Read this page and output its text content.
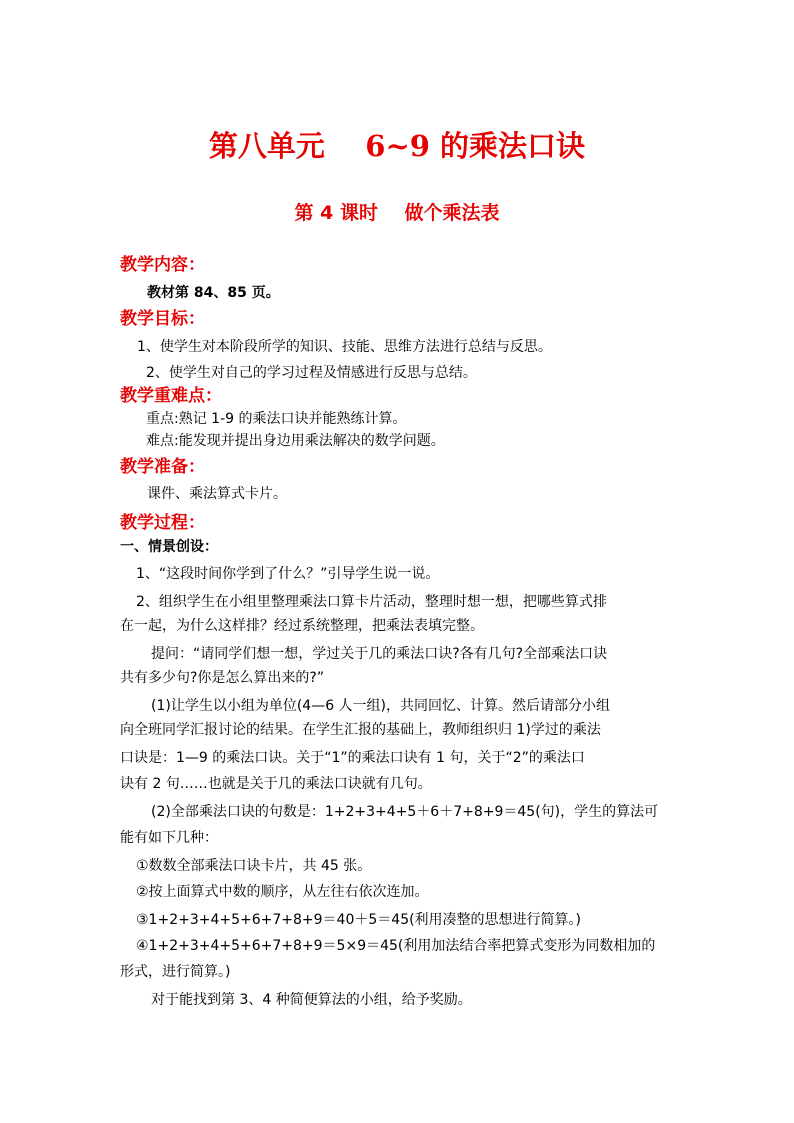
第八单元    6~9 的乘法口诀
第 4 课时    做个乘法表
教学内容：
教材第 84、85 页。
教学目标：
1、使学生对本阶段所学的知识、技能、思维方法进行总结与反思。
2、使学生对自己的学习过程及情感进行反思与总结。
教学重难点：
重点:熟记 1-9 的乘法口诀并能熟练计算。
难点:能发现并提出身边用乘法解决的数学问题。
教学准备：
课件、乘法算式卡片。
教学过程：
一、情景创设：
1、“这段时间你学到了什么？”引导学生说一说。
2、组织学生在小组里整理乘法口算卡片活动，整理时想一想，把哪些算式排
在一起，为什么这样排？经过系统整理，把乘法表填完整。
提问：“请同学们想一想，学过关于几的乘法口诀?各有几句?全部乘法口诀
共有多少句?你是怎么算出来的?”
(1)让学生以小组为单位(4—6 人一组)，共同回忆、计算。然后请部分小组
向全班同学汇报讨论的结果。在学生汇报的基础上，教师组织归 1)学过的乘法
口诀是：1—9 的乘法口诀。关于“1”的乘法口诀有 1 句，关于“2”的乘法口
诀有 2 句……也就是关于几的乘法口诀就有几句。
(2)全部乘法口诀的句数是：1+2+3+4+5＋6＋7+8+9＝45(句)，学生的算法可
能有如下几种：
①数数全部乘法口诀卡片，共 45 张。
②按上面算式中数的顺序，从左往右依次连加。
③1+2+3+4+5+6+7+8+9＝40＋5＝45(利用凑整的思想进行简算。)
④1+2+3+4+5+6+7+8+9＝5×9＝45(利用加法结合率把算式变形为同数相加的
形式，进行简算。)
对于能找到第 3、4 种简便算法的小组，给予奖励。
